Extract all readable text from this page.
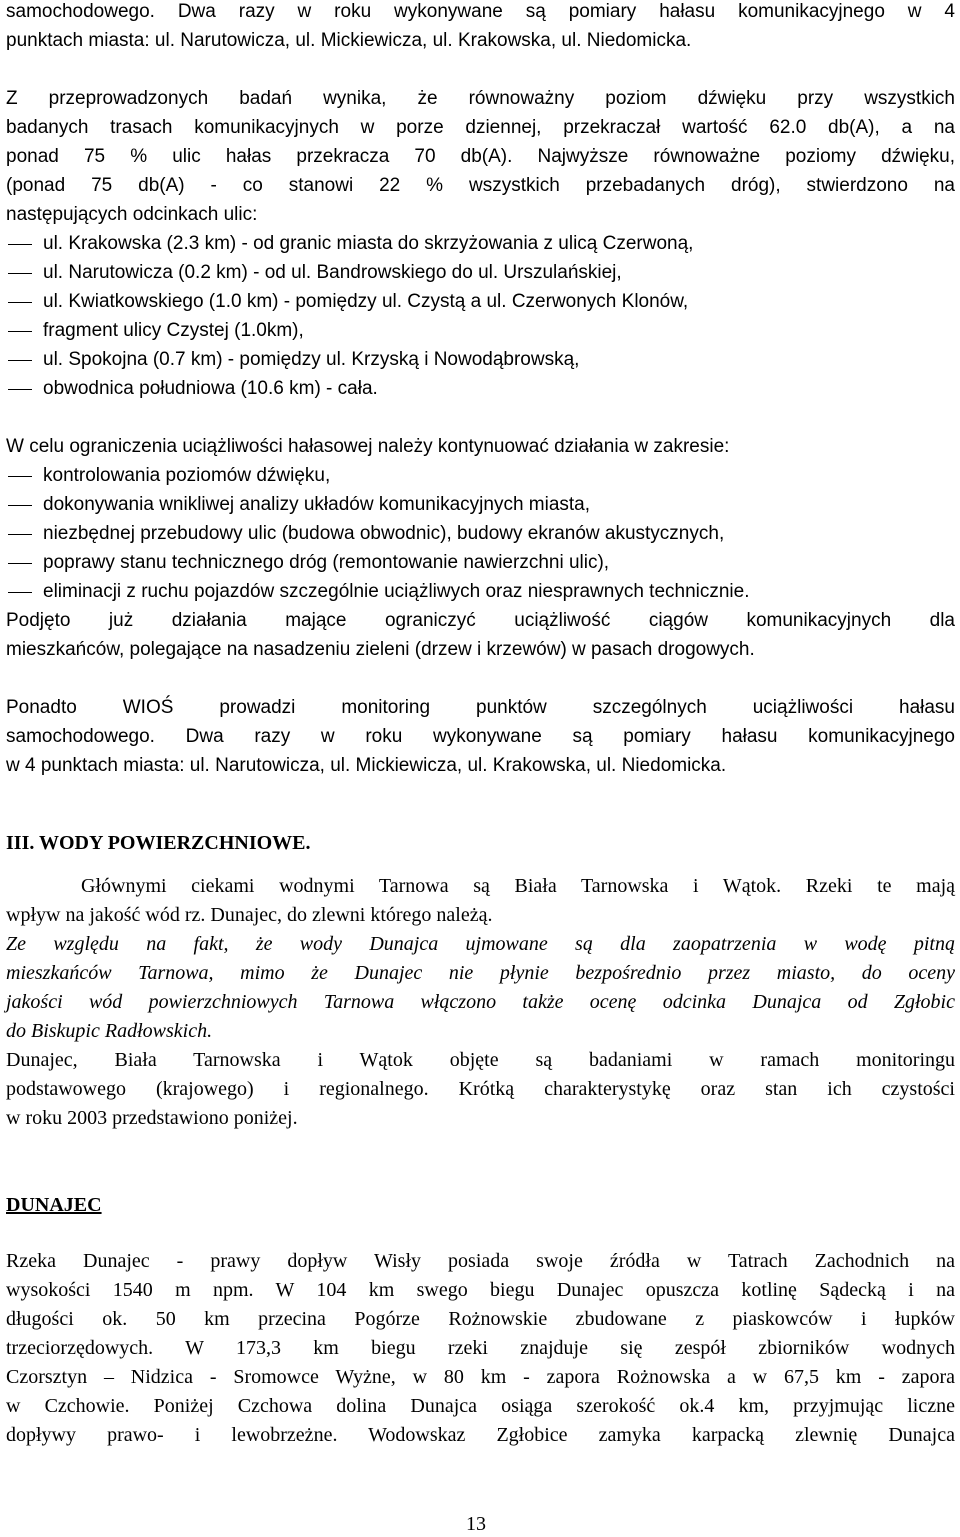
samochodowego. Dwa razy w roku wykonywane są pomiary hałasu komunikacyjnego w 4
punktach miasta: ul. Narutowicza, ul. Mickiewicza, ul. Krakowska, ul. Niedomicka.
Z przeprowadzonych badań wynika, że równoważny poziom dźwięku przy wszystkich
badanych trasach komunikacyjnych w porze dziennej, przekraczał wartość 62.0 db(A), a na
ponad 75 % ulic hałas przekracza 70 db(A). Najwyższe równoważne poziomy dźwięku,
(ponad 75 db(A) - co stanowi 22 % wszystkich przebadanych dróg), stwierdzono na
następujących odcinkach ulic:
ul. Krakowska (2.3 km) - od granic miasta do skrzyżowania z ulicą Czerwoną,
ul. Narutowicza (0.2 km) - od ul. Bandrowskiego do ul. Urszulańskiej,
ul. Kwiatkowskiego (1.0 km) - pomiędzy ul. Czystą a ul. Czerwonych Klonów,
fragment ulicy Czystej (1.0km),
ul. Spokojna (0.7 km) - pomiędzy ul. Krzyską i Nowodąbrowską,
obwodnica południowa (10.6 km) - cała.
W celu ograniczenia uciążliwości hałasowej należy kontynuować działania w zakresie:
kontrolowania poziomów dźwięku,
dokonywania wnikliwej analizy układów komunikacyjnych miasta,
niezbędnej przebudowy ulic (budowa obwodnic), budowy ekranów akustycznych,
poprawy stanu technicznego dróg (remontowanie nawierzchni ulic),
eliminacji z ruchu pojazdów szczególnie uciążliwych oraz niesprawnych technicznie.
Podjęto już działania mające ograniczyć uciążliwość ciągów komunikacyjnych dla
mieszkańców, polegające na nasadzeniu zieleni (drzew i krzewów) w pasach drogowych.
Ponadto WIOŚ prowadzi monitoring punktów szczególnych uciążliwości hałasu
samochodowego. Dwa razy w roku wykonywane są pomiary hałasu komunikacyjnego
w 4 punktach miasta: ul. Narutowicza, ul. Mickiewicza, ul. Krakowska, ul. Niedomicka.
III. WODY POWIERZCHNIOWE.
Głównymi ciekami wodnymi Tarnowa są Biała Tarnowska i Wątok. Rzeki te mają
wpływ na jakość wód rz. Dunajec, do zlewni którego należą.
Ze względu na fakt, że wody Dunajca ujmowane są dla zaopatrzenia w wodę pitną
mieszkańców Tarnowa, mimo że Dunajec nie płynie bezpośrednio przez miasto, do oceny
jakości wód powierzchniowych Tarnowa włączono także ocenę odcinka Dunajca od Zgłobic
do Biskupic Radłowskich.
Dunajec, Biała Tarnowska i Wątok objęte są badaniami w ramach monitoringu
podstawowego (krajowego) i regionalnego. Krótką charakterystykę oraz stan ich czystości
w roku 2003 przedstawiono poniżej.
DUNAJEC
Rzeka Dunajec - prawy dopływ Wisły posiada swoje źródła w Tatrach Zachodnich na
wysokości 1540 m npm. W 104 km swego biegu Dunajec opuszcza kotlinę Sądecką i na
długości ok. 50 km przecina Pogórze Rożnowskie zbudowane z piaskowców i łupków
trzeciorzędowych. W 173,3 km biegu rzeki znajduje się zespół zbiorników wodnych
Czorsztyn – Nidzica - Sromowce Wyżne, w 80 km - zapora Rożnowska a w 67,5 km - zapora
w Czchowie. Poniżej Czchowa dolina Dunajca osiąga szerokość ok.4 km, przyjmując liczne
dopływy prawo- i lewobrzeżne. Wodowskaz Zgłobice zamyka karpacką zlewnię Dunajca
13
